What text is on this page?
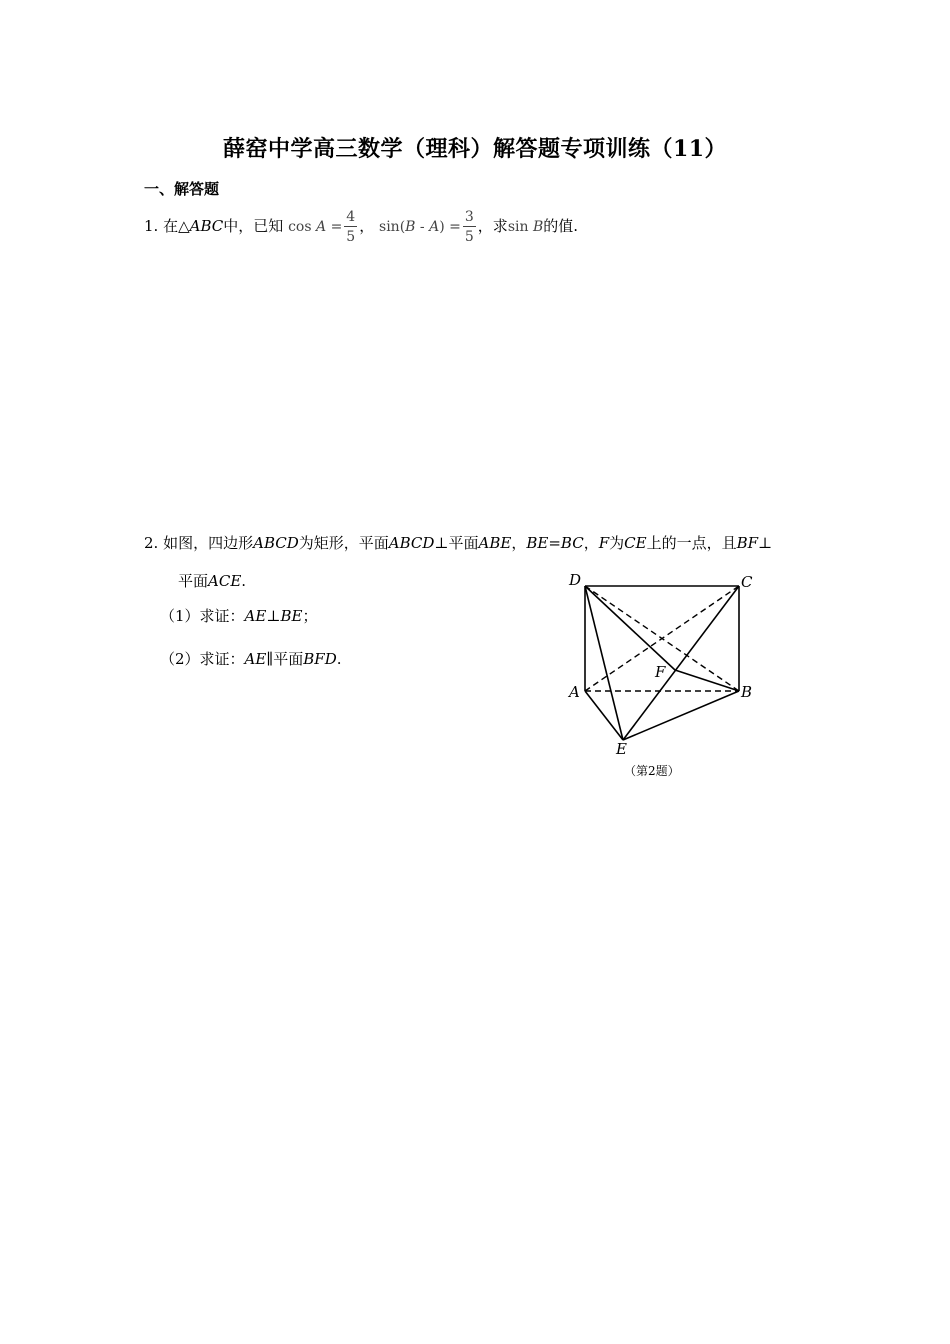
薛窑中学高三数学（理科）解答题专项训练（11）
一、解答题
1. 在△ABC中，已知 $\cos A = \frac{4}{5}$ ， $\sin(B - A) = \frac{3}{5}$ ，求sin B的值.
2. 如图，四边形ABCD为矩形，平面ABCD⊥平面ABE，BE=BC，F为CE上的一点，且BF⊥
平面ACE.
（1）求证：AE⊥BE；
（2）求证：AE∥平面BFD.
D	C
A	B
E
F
（第2题）
